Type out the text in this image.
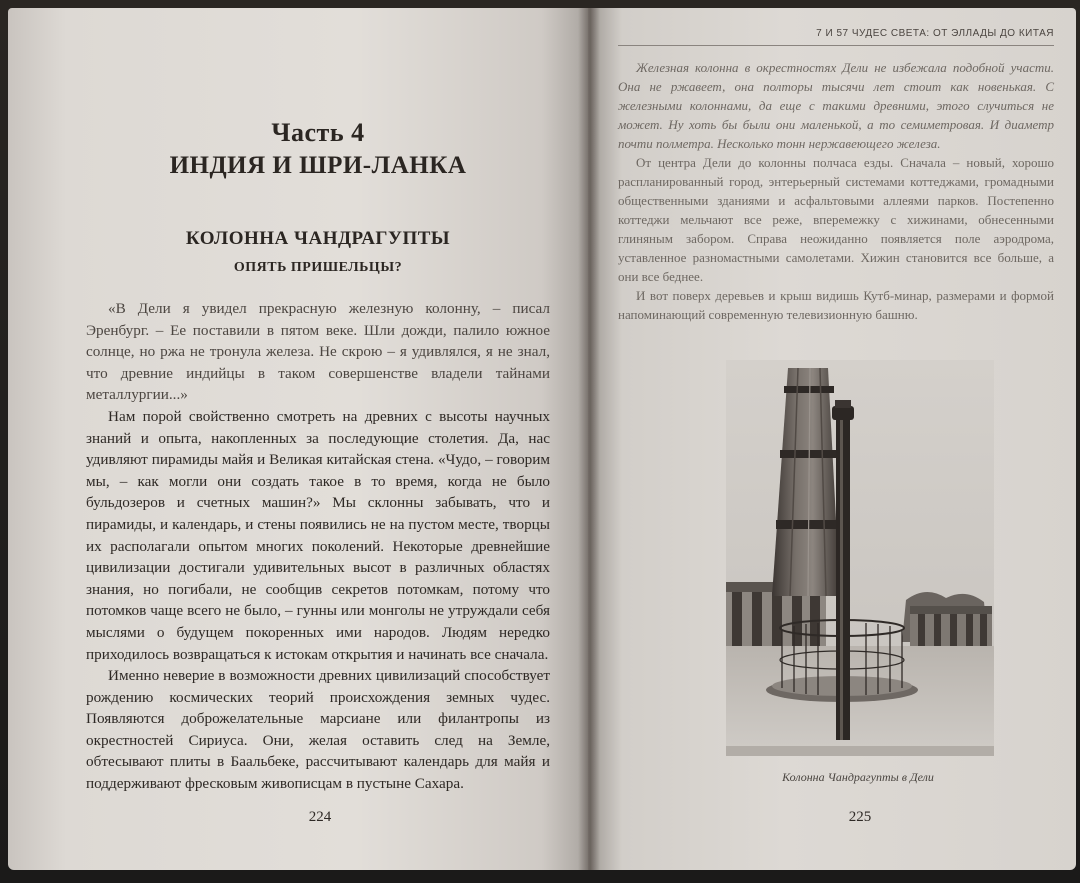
Часть 4
ИНДИЯ И ШРИ-ЛАНКА
КОЛОННА ЧАНДРАГУПТЫ
ОПЯТЬ ПРИШЕЛЬЦЫ?

«В Дели я увидел прекрасную железную колонну, – писал Эренбург. – Ее поставили в пятом веке. Шли дожди, палило южное солнце, но ржа не тронула железа. Не скрою – я удивлялся, я не знал, что древние индийцы в таком совершенстве владели тайнами металлургии...»

Нам порой свойственно смотреть на древних с высоты научных знаний и опыта, накопленных за последующие столетия. Да, нас удивляют пирамиды майя и Великая китайская стена. «Чудо, – говорим мы, – как могли они создать такое в то время, когда не было бульдозеров и счетных машин?» Мы склонны забывать, что и пирамиды, и календарь, и стены появились не на пустом месте, творцы их располагали опытом многих поколений. Некоторые древнейшие цивилизации достигали удивительных высот в различных областях знания, но погибали, не сообщив секретов потомкам, потому что потомков чаще всего не было, – гунны или монголы не утруждали себя мыслями о будущем покоренных ими народов. Людям нередко приходилось возвращаться к истокам открытия и начинать все сначала.

Именно неверие в возможности древних цивилизаций способствует рождению космических теорий происхождения земных чудес. Появляются доброжелательные марсиане или филантропы из окрестностей Сириуса. Они, желая оставить след на Земле, обтесывают плиты в Баальбеке, рассчитывают календарь для майя и поддерживают фресковым живописцам в пустыне Сахара.

224
7 И 57 ЧУДЕС СВЕТА: ОТ ЭЛЛАДЫ ДО КИТАЯ

Железная колонна в окрестностях Дели не избежала подобной участи. Она не ржавеет, она полторы тысячи лет стоит как новенькая. С железными колоннами, да еще с такими древними, этого случиться не может. Ну хоть бы были они маленькой, а то семиметровая. И диаметр почти полметра. Несколько тонн нержавеющего железа.

От центра Дели до колонны полчаса езды. Сначала – новый, хорошо распланированный город, энтерьерный системами коттеджами, громадными общественными зданиями и асфальтовыми аллеями парков. Постепенно коттеджи мельчают все реже, вперемежку с хижинами, обнесенными глиняным забором. Справа неожиданно появляется поле аэродрома, уставленное разномастными самолетами. Хижин становится все больше, а они все беднее.

И вот поверх деревьев и крыш видишь Кутб-минар, размерами и формой напоминающий современную телевизионную башню.

Колонна Чандрагупты в Дели
225
